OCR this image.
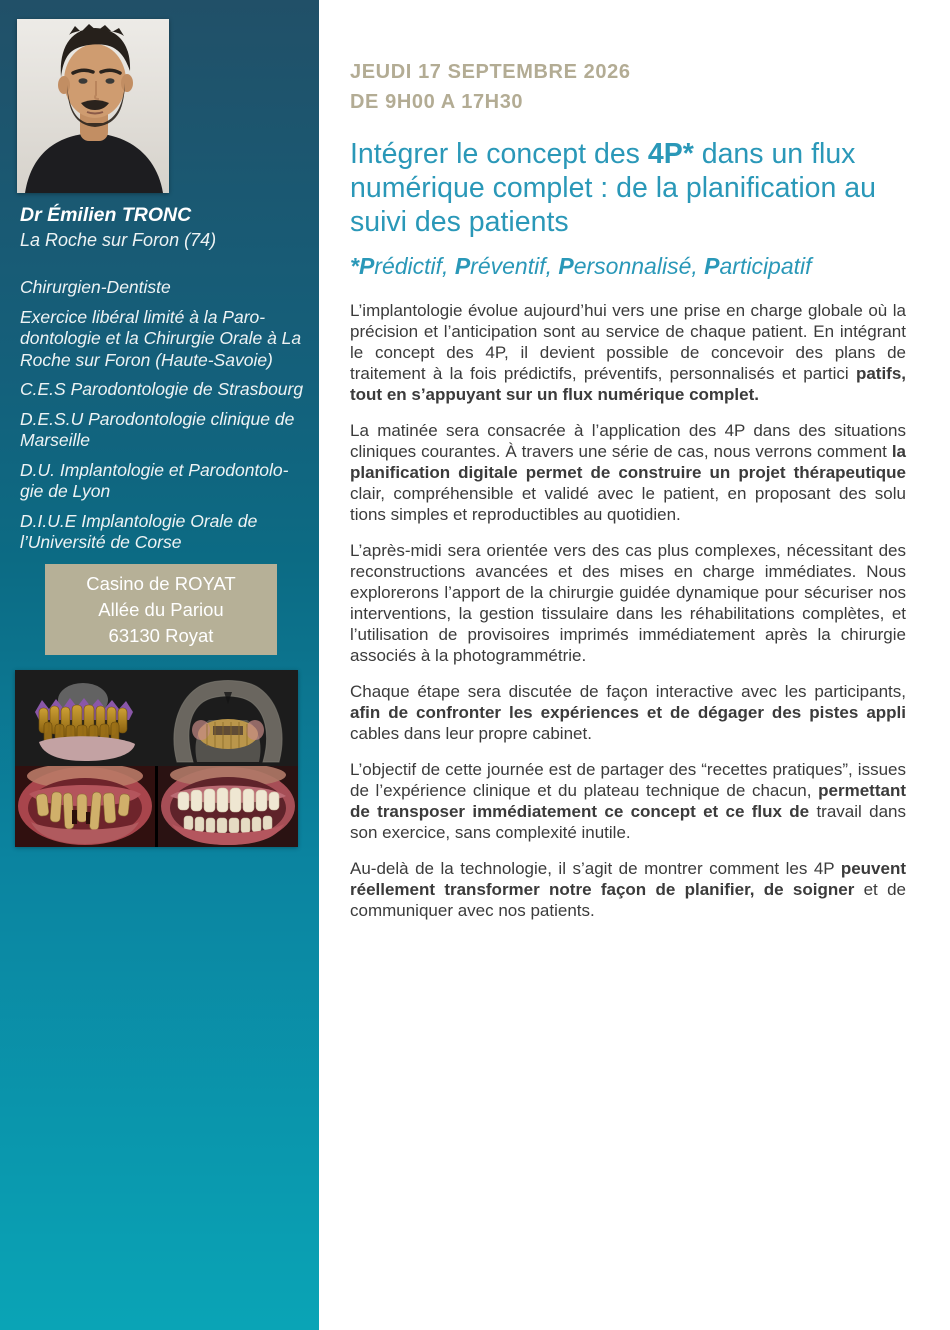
Dr Émilien TRONC
La Roche sur Foron (74)
Chirurgien-Dentiste
Exercice libéral limité à la Paro-dontologie et la Chirurgie Orale à La Roche sur Foron (Haute-Savoie)
C.E.S Parodontologie de Strasbourg
D.E.S.U Parodontologie clinique de Marseille
D.U. Implantologie et Parodontolo-gie de Lyon
D.I.U.E Implantologie Orale de l’Université de Corse
Casino de ROYAT
Allée du Pariou
63130 Royat
JEUDI 17 SEPTEMBRE 2026
DE 9H00 A 17H30
Intégrer le concept des 4P* dans un flux numérique complet : de la planification au suivi des patients
*Prédictif, Préventif, Personnalisé, Participatif

L’implantologie évolue aujourd’hui vers une prise en charge globale où la précision et l’anticipation sont au service de chaque patient. En intégrant le concept des 4P, il devient possible de concevoir des plans de traitement à la fois prédictifs, préventifs, personnalisés et partici patifs, tout en s’appuyant sur un flux numérique complet.

La matinée sera consacrée à l’application des 4P dans des situations cliniques courantes. À travers une série de cas, nous verrons comment la planification digitale permet de construire un projet thérapeutique clair, compréhensible et validé avec le patient, en proposant des solu tions simples et reproductibles au quotidien.

L’après-midi sera orientée vers des cas plus complexes, nécessitant des reconstructions avancées et des mises en charge immédiates. Nous explorerons l’apport de la chirurgie guidée dynamique pour sécuriser nos interventions, la gestion tissulaire dans les réhabilitations complètes, et l’utilisation de provisoires imprimés immédiatement après la chirurgie associés à la photogrammétrie.

Chaque étape sera discutée de façon interactive avec les participants, afin de confronter les expériences et de dégager des pistes appli cables dans leur propre cabinet.

L’objectif de cette journée est de partager des “recettes pratiques”, issues de l’expérience clinique et du plateau technique de chacun, permettant de transposer immédiatement ce concept et ce flux de travail dans son exercice, sans complexité inutile.

Au-delà de la technologie, il s’agit de montrer comment les 4P peuvent réellement transformer notre façon de planifier, de soigner et de communiquer avec nos patients.
